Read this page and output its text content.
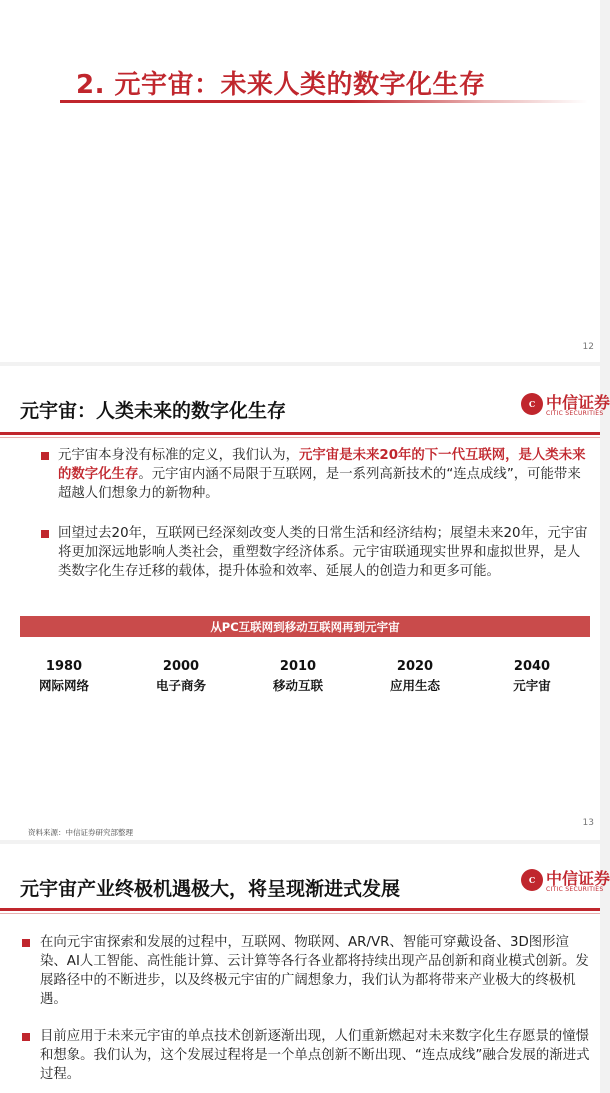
2. 元宇宙：未来人类的数字化生存
12
元宇宙：人类未来的数字化生存	C 中信证券
CITIC SECURITIES
元宇宙本身没有标准的定义，我们认为，元宇宙是未来20年的下一代互联网，是人类未来的数字化生存。元宇宙内涵不局限于互联网，是一系列高新技术的“连点成线”，可能带来超越人们想象力的新物种。
回望过去20年，互联网已经深刻改变人类的日常生活和经济结构；展望未来20年，元宇宙将更加深远地影响人类社会，重塑数字经济体系。元宇宙联通现实世界和虚拟世界，是人类数字化生存迁移的载体，提升体验和效率、延展人的创造力和更多可能。
从PC互联网到移动互联网再到元宇宙
1980
网际网络
2000
电子商务
2010
移动互联
2020
应用生态
2040
元宇宙
资料来源：中信证券研究部整理
13
元宇宙产业终极机遇极大，将呈现渐进式发展	C 中信证券
CITIC SECURITIES
在向元宇宙探索和发展的过程中，互联网、物联网、AR/VR、智能可穿戴设备、3D图形渲染、AI人工智能、高性能计算、云计算等各行各业都将持续出现产品创新和商业模式创新。发展路径中的不断进步，以及终极元宇宙的广阔想象力，我们认为都将带来产业极大的终极机遇。
目前应用于未来元宇宙的单点技术创新逐渐出现，人们重新燃起对未来数字化生存愿景的憧憬和想象。我们认为，这个发展过程将是一个单点创新不断出现、“连点成线”融合发展的渐进式过程。
